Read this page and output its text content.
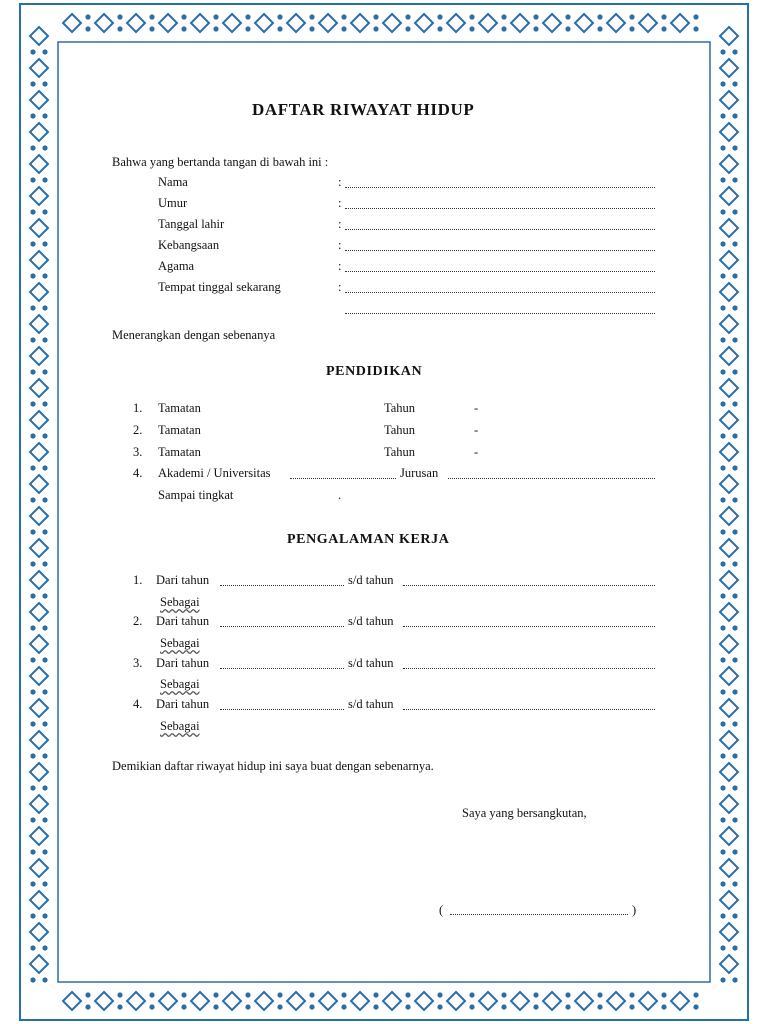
DAFTAR RIWAYAT HIDUP
Bahwa yang bertanda tangan di bawah ini :
Nama	:
Umur	:
Tanggal lahir	:
Kebangsaan	:
Agama	:
Tempat tinggal sekarang	:
Menerangkan dengan sebenanya
PENDIDIKAN
1. Tamatan	Tahun	-
2. Tamatan	Tahun	-
3. Tamatan	Tahun	-
4. Akademi / Universitas	Jurusan
Sampai tingkat	.
PENGALAMAN KERJA
1. Dari tahun	s/d tahun
Sebagai
2. Dari tahun	s/d tahun
Sebagai
3. Dari tahun	s/d tahun
Sebagai
4. Dari tahun	s/d tahun
Sebagai
Demikian daftar riwayat hidup ini saya buat dengan sebenarnya.
Saya yang bersangkutan,
(	)
